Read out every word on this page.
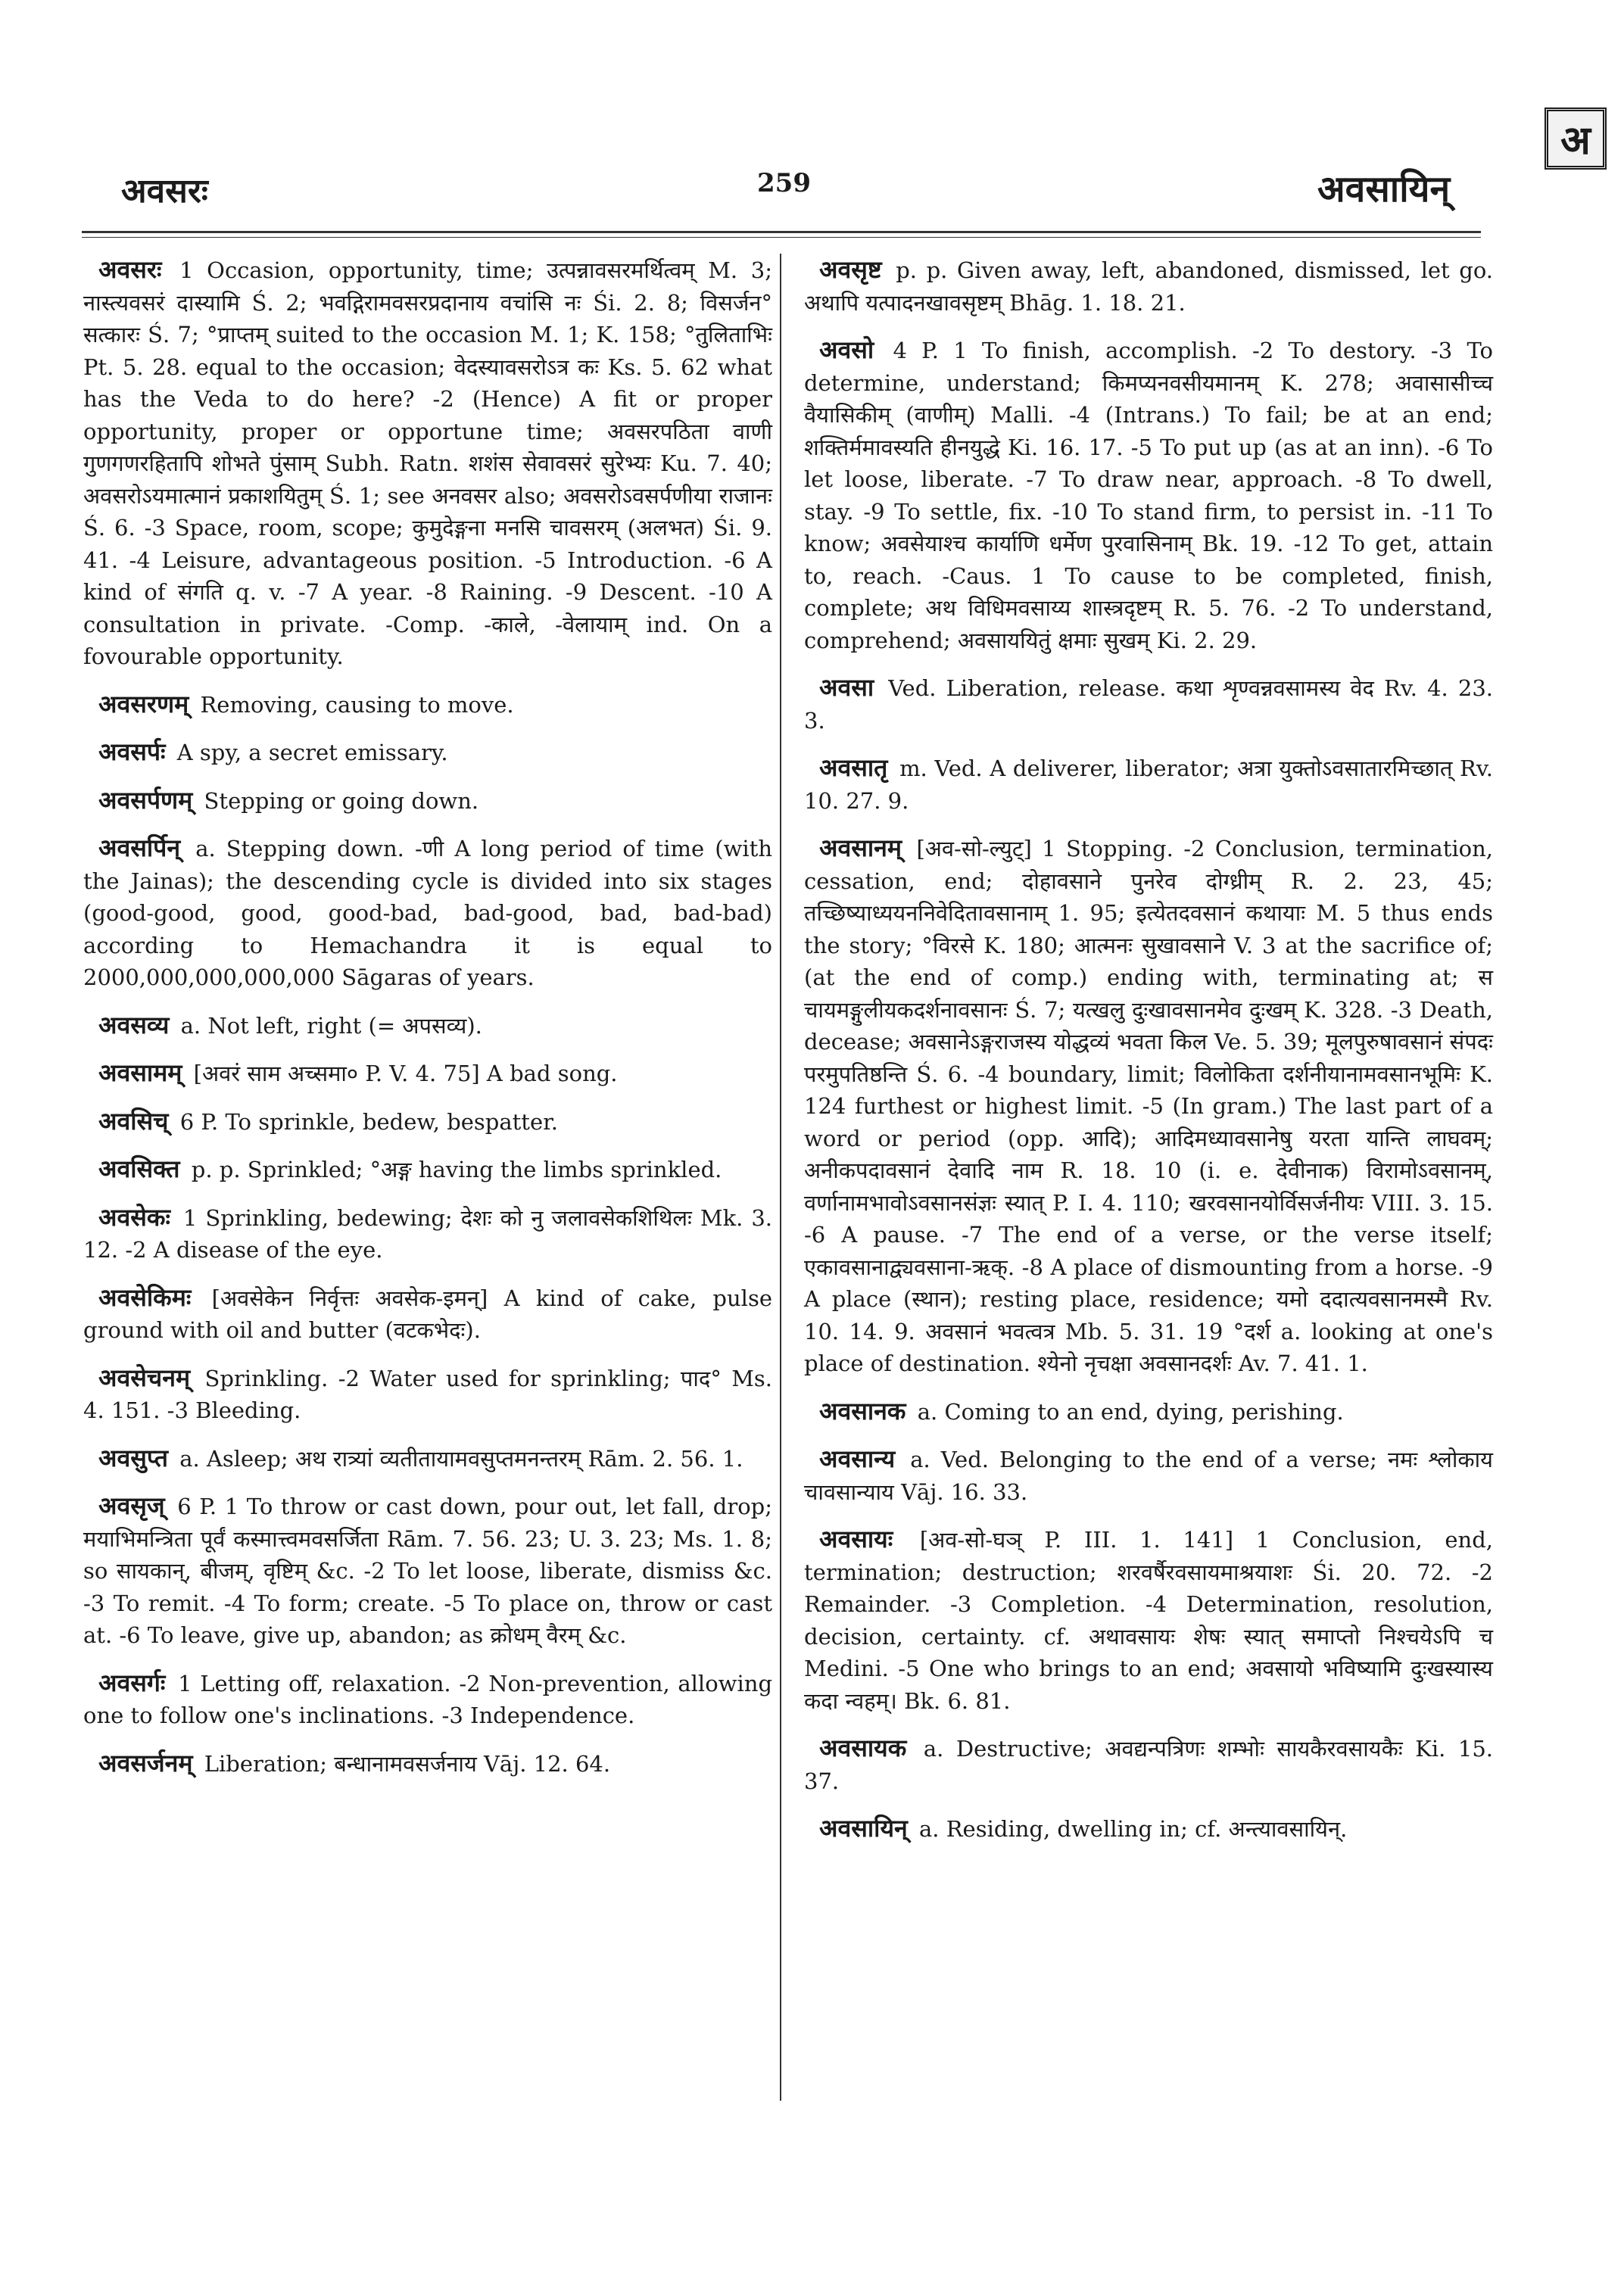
अवसरः	259	अवसायिन्
अ

अवसरः 1 Occasion, opportunity, time; उत्पन्नावसरमर्थित्वम् M. 3; नास्त्यवसरं दास्यामि Ś. 2; भवद्गिरामवसरप्रदानाय वचांसि नः Śi. 2. 8; विसर्जन° सत्कारः Ś. 7; °प्राप्तम् suited to the occasion M. 1; K. 158; °तुलिताभिः Pt. 5. 28. equal to the occasion; वेदस्यावसरोऽत्र कः Ks. 5. 62 what has the Veda to do here? -2 (Hence) A fit or proper opportunity, proper or opportune time; अवसरपठिता वाणी गुणगणरहितापि शोभते पुंसाम् Subh. Ratn. शशंस सेवावसरं सुरेभ्यः Ku. 7. 40; अवसरोऽयमात्मानं प्रकाशयितुम् Ś. 1; see अनवसर also; अवसरोऽवसर्पणीया राजानः Ś. 6. -3 Space, room, scope; कुमुदेङ्गना मनसि चावसरम् (अलभत) Śi. 9. 41. -4 Leisure, advantageous position. -5 Introduction. -6 A kind of संगति q. v. -7 A year. -8 Raining. -9 Descent. -10 A consultation in private. -Comp. -काले, -वेलायाम् ind. On a fovourable opportunity.

अवसरणम् Removing, causing to move.

अवसर्पः A spy, a secret emissary.

अवसर्पणम् Stepping or going down.

अवसर्पिन् a. Stepping down. -णी A long period of time (with the Jainas); the descending cycle is divided into six stages (good-good, good, good-bad, bad-good, bad, bad-bad) according to Hemachandra it is equal to 2000,000,000,000,000 Sāgaras of years.

अवसव्य a. Not left, right (= अपसव्य).

अवसामम् [अवरं साम अच्समा० P. V. 4. 75] A bad song.

अवसिच् 6 P. To sprinkle, bedew, bespatter.

अवसिक्त p. p. Sprinkled; °अङ्ग having the limbs sprinkled.

अवसेकः 1 Sprinkling, bedewing; देशः को नु जलावसेकशिथिलः Mk. 3. 12. -2 A disease of the eye.

अवसेकिमः [अवसेकेन निर्वृत्तः अवसेक-इमन्] A kind of cake, pulse ground with oil and butter (वटकभेदः).

अवसेचनम् Sprinkling. -2 Water used for sprinkling; पाद° Ms. 4. 151. -3 Bleeding.

अवसुप्त a. Asleep; अथ रात्र्यां व्यतीतायामवसुप्तमनन्तरम् Rām. 2. 56. 1.

अवसृज् 6 P. 1 To throw or cast down, pour out, let fall, drop; मयाभिमन्त्रिता पूर्वं कस्मात्त्वमवसर्जिता Rām. 7. 56. 23; U. 3. 23; Ms. 1. 8; so सायकान्, बीजम्, वृष्टिम् &c. -2 To let loose, liberate, dismiss &c. -3 To remit. -4 To form; create. -5 To place on, throw or cast at. -6 To leave, give up, abandon; as क्रोधम् वैरम् &c.

अवसर्गः 1 Letting off, relaxation. -2 Non-prevention, allowing one to follow one's inclinations. -3 Independence.

अवसर्जनम् Liberation; बन्धानामवसर्जनाय Vāj. 12. 64.

अवसृष्ट p. p. Given away, left, abandoned, dismissed, let go. अथापि यत्पादनखावसृष्टम् Bhāg. 1. 18. 21.

अवसो 4 P. 1 To finish, accomplish. -2 To destory. -3 To determine, understand; किमप्यनवसीयमानम् K. 278; अवासासीच्च वैयासिकीम् (वाणीम्) Malli. -4 (Intrans.) To fail; be at an end; शक्तिर्ममावस्यति हीनयुद्धे Ki. 16. 17. -5 To put up (as at an inn). -6 To let loose, liberate. -7 To draw near, approach. -8 To dwell, stay. -9 To settle, fix. -10 To stand firm, to persist in. -11 To know; अवसेयाश्च कार्याणि धर्मेण पुरवासिनाम् Bk. 19. -12 To get, attain to, reach. -Caus. 1 To cause to be completed, finish, complete; अथ विधिमवसाय्य शास्त्रदृष्टम् R. 5. 76. -2 To understand, comprehend; अवसाययितुं क्षमाः सुखम् Ki. 2. 29.

अवसा Ved. Liberation, release. कथा शृण्वन्नवसामस्य वेद Rv. 4. 23. 3.

अवसातृ m. Ved. A deliverer, liberator; अत्रा युक्तोऽवसातारमिच्छात् Rv. 10. 27. 9.

अवसानम् [अव-सो-ल्युट्] 1 Stopping. -2 Conclusion, termination, cessation, end; दोहावसाने पुनरेव दोग्ध्रीम् R. 2. 23, 45; तच्छिष्याध्ययननिवेदितावसानाम् 1. 95; इत्येतदवसानं कथायाः M. 5 thus ends the story; °विरसे K. 180; आत्मनः सुखावसाने V. 3 at the sacrifice of; (at the end of comp.) ending with, terminating at; स चायमङ्गुलीयकदर्शनावसानः Ś. 7; यत्खलु दुःखावसानमेव दुःखम् K. 328. -3 Death, decease; अवसानेऽङ्गराजस्य योद्धव्यं भवता किल Ve. 5. 39; मूलपुरुषावसानं संपदः परमुपतिष्ठन्ति Ś. 6. -4 boundary, limit; विलोकिता दर्शनीयानामवसानभूमिः K. 124 furthest or highest limit. -5 (In gram.) The last part of a word or period (opp. आदि); आदिमध्यावसानेषु यरता यान्ति लाघवम्; अनीकपदावसानं देवादि नाम R. 18. 10 (i. e. देवीनाक) विरामोऽवसानम्, वर्णानामभावोऽवसानसंज्ञः स्यात् P. I. 4. 110; खरवसानयोर्विसर्जनीयः VIII. 3. 15. -6 A pause. -7 The end of a verse, or the verse itself; एकावसानाद्व्यवसाना-ऋक्. -8 A place of dismounting from a horse. -9 A place (स्थान); resting place, residence; यमो ददात्यवसानमस्मै Rv. 10. 14. 9. अवसानं भवत्वत्र Mb. 5. 31. 19 °दर्श a. looking at one's place of destination. श्येनो नृचक्षा अवसानदर्शः Av. 7. 41. 1.

अवसानक a. Coming to an end, dying, perishing.

अवसान्य a. Ved. Belonging to the end of a verse; नमः श्लोकाय चावसान्याय Vāj. 16. 33.

अवसायः [अव-सो-घञ् P. III. 1. 141] 1 Conclusion, end, termination; destruction; शरवर्षैरवसायमाश्रयाशः Śi. 20. 72. -2 Remainder. -3 Completion. -4 Determination, resolution, decision, certainty. cf. अथावसायः शेषः स्यात् समाप्तो निश्चयेऽपि च Medini. -5 One who brings to an end; अवसायो भविष्यामि दुःखस्यास्य कदा न्वहम्। Bk. 6. 81.

अवसायक a. Destructive; अवद्यन्पत्रिणः शम्भोः सायकैरवसायकैः Ki. 15. 37.

अवसायिन् a. Residing, dwelling in; cf. अन्त्यावसायिन्.
